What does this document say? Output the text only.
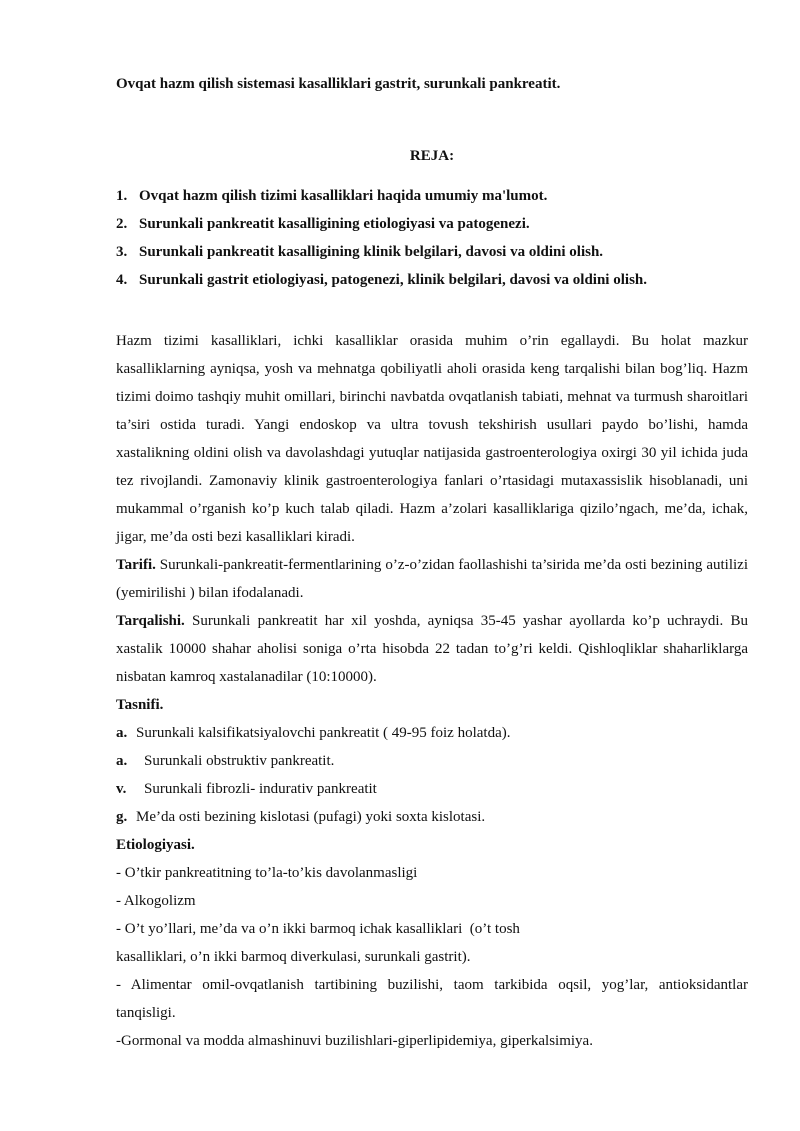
Ovqat hazm qilish sistemasi kasalliklari gastrit, surunkali pankreatit.
REJA:
1. Ovqat hazm qilish tizimi kasalliklari haqida umumiy ma'lumot.
2. Surunkali pankreatit kasalligining etiologiyasi va patogenezi.
3. Surunkali pankreatit kasalligining klinik belgilari, davosi va oldini olish.
4. Surunkali gastrit etiologiyasi, patogenezi, klinik belgilari, davosi va oldini olish.

Hazm tizimi kasalliklari, ichki kasalliklar orasida muhim o’rin egallaydi. Bu holat mazkur kasalliklarning ayniqsa, yosh va mehnatga qobiliyatli aholi orasida keng tarqalishi bilan bog’liq. Hazm tizimi doimo tashqiy muhit omillari, birinchi navbatda ovqatlanish tabiati, mehnat va turmush sharoitlari ta’siri ostida turadi. Yangi endoskop va ultra tovush tekshirish usullari paydo bo’lishi, hamda xastalikning oldini olish va davolashdagi yutuqlar natijasida gastroenterologiya oxirgi 30 yil ichida juda tez rivojlandi. Zamonaviy klinik gastroenterologiya fanlari o’rtasidagi mutaxassislik hisoblanadi, uni mukammal o’rganish ko’p kuch talab qiladi. Hazm a’zolari kasalliklariga qizilo’ngach, me’da, ichak, jigar, me’da osti bezi kasalliklari kiradi.

Tarifi. Surunkali-pankreatit-fermentlarining o’z-o’zidan faollashishi ta’sirida me’da osti bezining autilizi (yemirilishi ) bilan ifodalanadi.

Tarqalishi. Surunkali pankreatit har xil yoshda, ayniqsa 35-45 yashar ayollarda ko’p uchraydi. Bu xastalik 10000 shahar aholisi soniga o’rta hisobda 22 tadan to’g’ri keldi. Qishloqliklar shaharliklarga nisbatan kamroq xastalanadilar (10:10000).

Tasnifi.

a. Surunkali kalsifikatsiyalovchi pankreatit ( 49-95 foiz holatda).

a. Surunkali obstruktiv pankreatit.

v. Surunkali fibrozli- indurativ pankreatit

g. Me’da osti bezining kislotasi (pufagi) yoki soxta kislotasi.

Etiologiyasi.

- O’tkir pankreatitning to’la-to’kis davolanmasligi

- Alkogolizm

- O’t yo’llari, me’da va o’n ikki barmoq ichak kasalliklari  (o’t tosh

kasalliklari, o’n ikki barmoq diverkulasi, surunkali gastrit).

- Alimentar omil-ovqatlanish tartibining buzilishi, taom tarkibida oqsil, yog’lar, antioksidantlar tanqisligi.

-Gormonal va modda almashinuvi buzilishlari-giperlipidemiya, giperkalsimiya.
